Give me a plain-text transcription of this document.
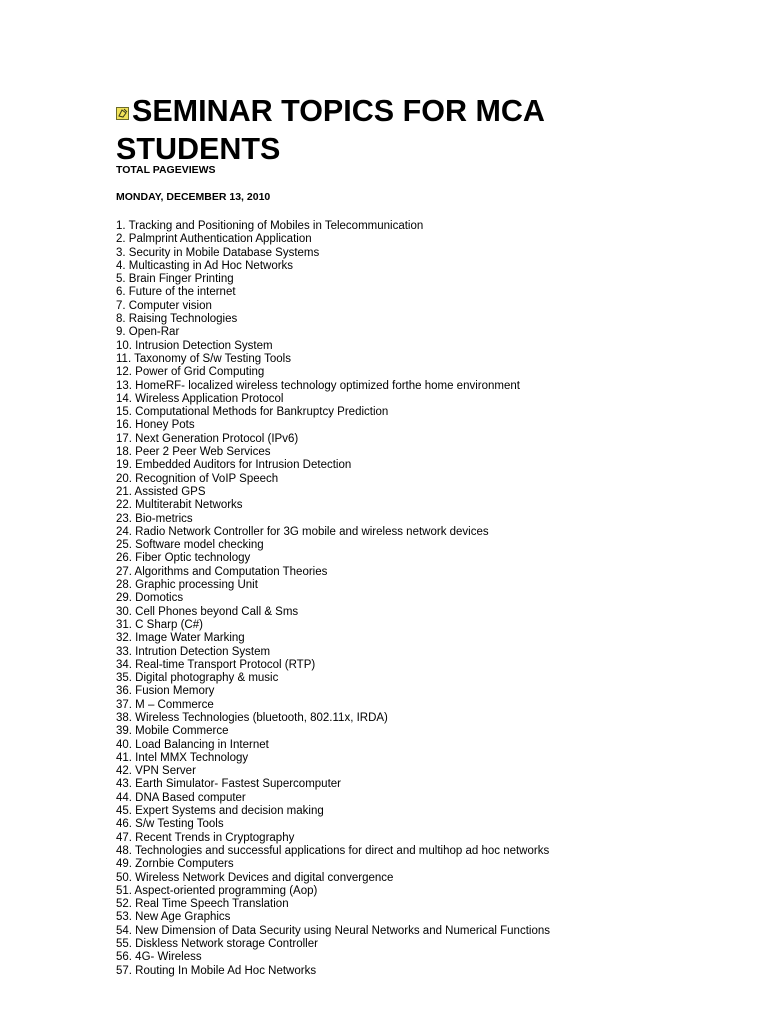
SEMINAR TOPICS FOR MCA STUDENTS
TOTAL PAGEVIEWS
MONDAY, DECEMBER 13, 2010
1. Tracking and Positioning of Mobiles in Telecommunication
2. Palmprint Authentication Application
3. Security in Mobile Database Systems
4. Multicasting in Ad Hoc Networks
5. Brain Finger Printing
6. Future of the internet
7. Computer vision
8. Raising Technologies
9. Open-Rar
10. Intrusion Detection System
11. Taxonomy of S/w Testing Tools
12. Power of Grid Computing
13. HomeRF- localized wireless technology optimized forthe home environment
14. Wireless Application Protocol
15. Computational Methods for Bankruptcy Prediction
16. Honey Pots
17. Next Generation Protocol (IPv6)
18. Peer 2 Peer Web Services
19. Embedded Auditors for Intrusion Detection
20. Recognition of VoIP Speech
21. Assisted GPS
22. Multiterabit Networks
23. Bio-metrics
24. Radio Network Controller for 3G mobile and wireless network devices
25. Software model checking
26. Fiber Optic technology
27. Algorithms and Computation Theories
28. Graphic processing Unit
29. Domotics
30. Cell Phones beyond Call & Sms
31. C Sharp (C#)
32. Image Water Marking
33. Intrution Detection System
34. Real-time Transport Protocol (RTP)
35. Digital photography & music
36. Fusion Memory
37. M – Commerce
38. Wireless Technologies (bluetooth, 802.11x, IRDA)
39. Mobile Commerce
40. Load Balancing in Internet
41. Intel MMX Technology
42. VPN Server
43. Earth Simulator- Fastest Supercomputer
44. DNA Based computer
45. Expert Systems and decision making
46. S/w Testing Tools
47. Recent Trends in Cryptography
48. Technologies and successful applications for direct and multihop ad hoc networks
49. Zornbie Computers
50. Wireless Network Devices and digital convergence
51. Aspect-oriented programming (Aop)
52. Real Time Speech Translation
53. New Age Graphics
54. New Dimension of Data Security using Neural Networks and Numerical Functions
55. Diskless Network storage Controller
56. 4G- Wireless
57. Routing In Mobile Ad Hoc Networks
